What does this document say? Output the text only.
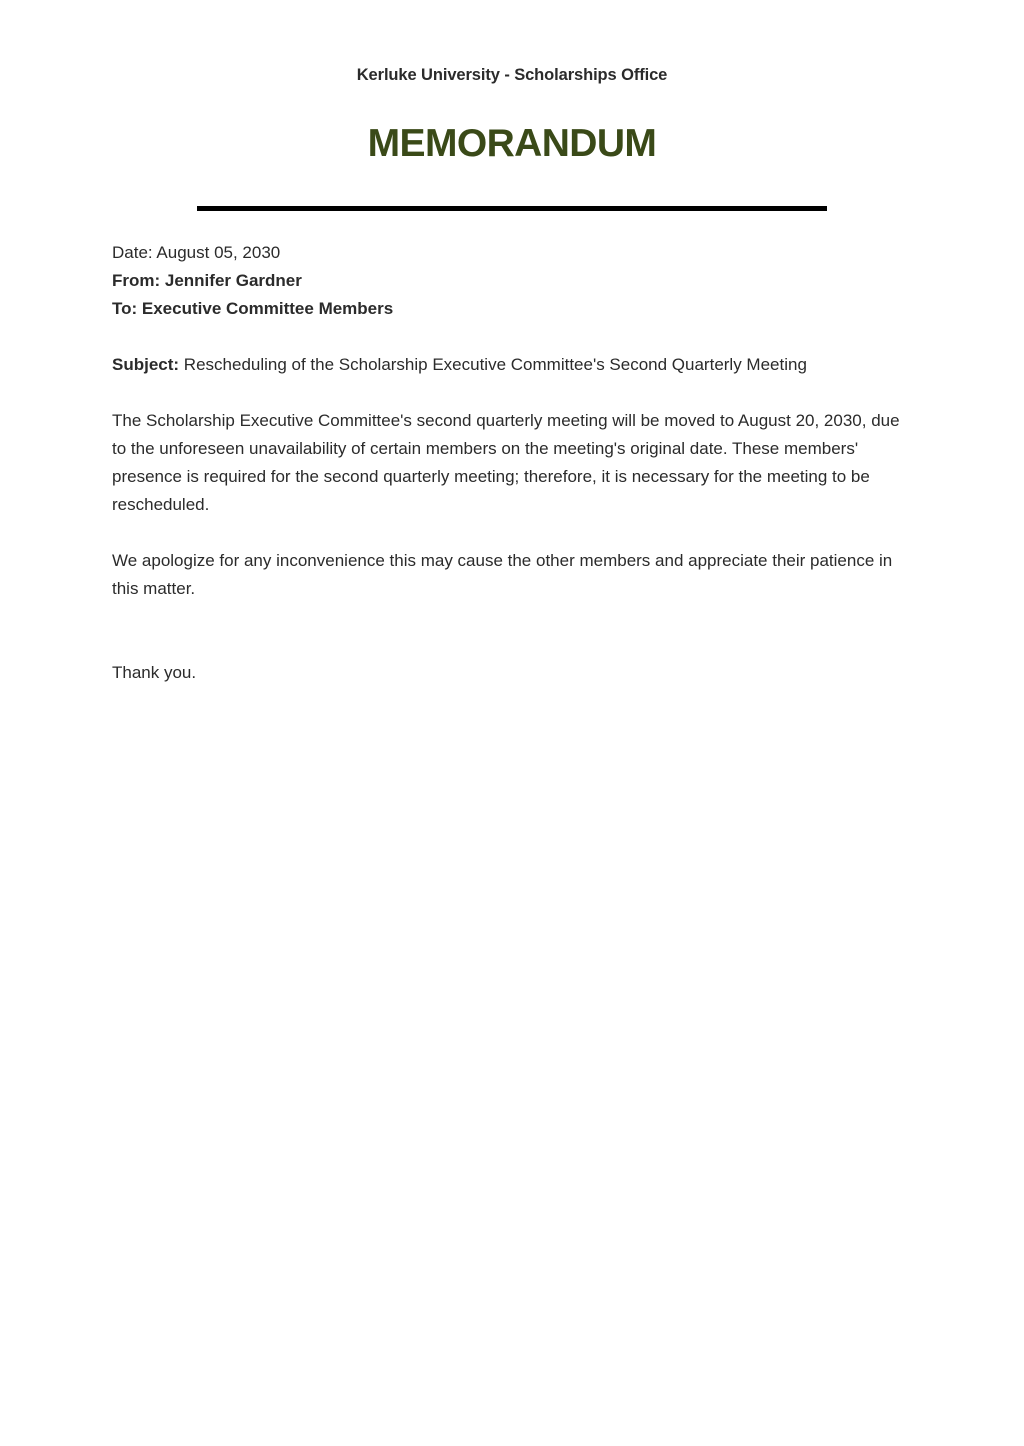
Kerluke University - Scholarships Office
MEMORANDUM
Date: August 05, 2030
From: Jennifer Gardner
To: Executive Committee Members
Subject: Rescheduling of the Scholarship Executive Committee's Second Quarterly Meeting

The Scholarship Executive Committee's second quarterly meeting will be moved to August 20, 2030, due to the unforeseen unavailability of certain members on the meeting's original date. These members' presence is required for the second quarterly meeting; therefore, it is necessary for the meeting to be rescheduled.

We apologize for any inconvenience this may cause the other members and appreciate their patience in this matter.

Thank you.
